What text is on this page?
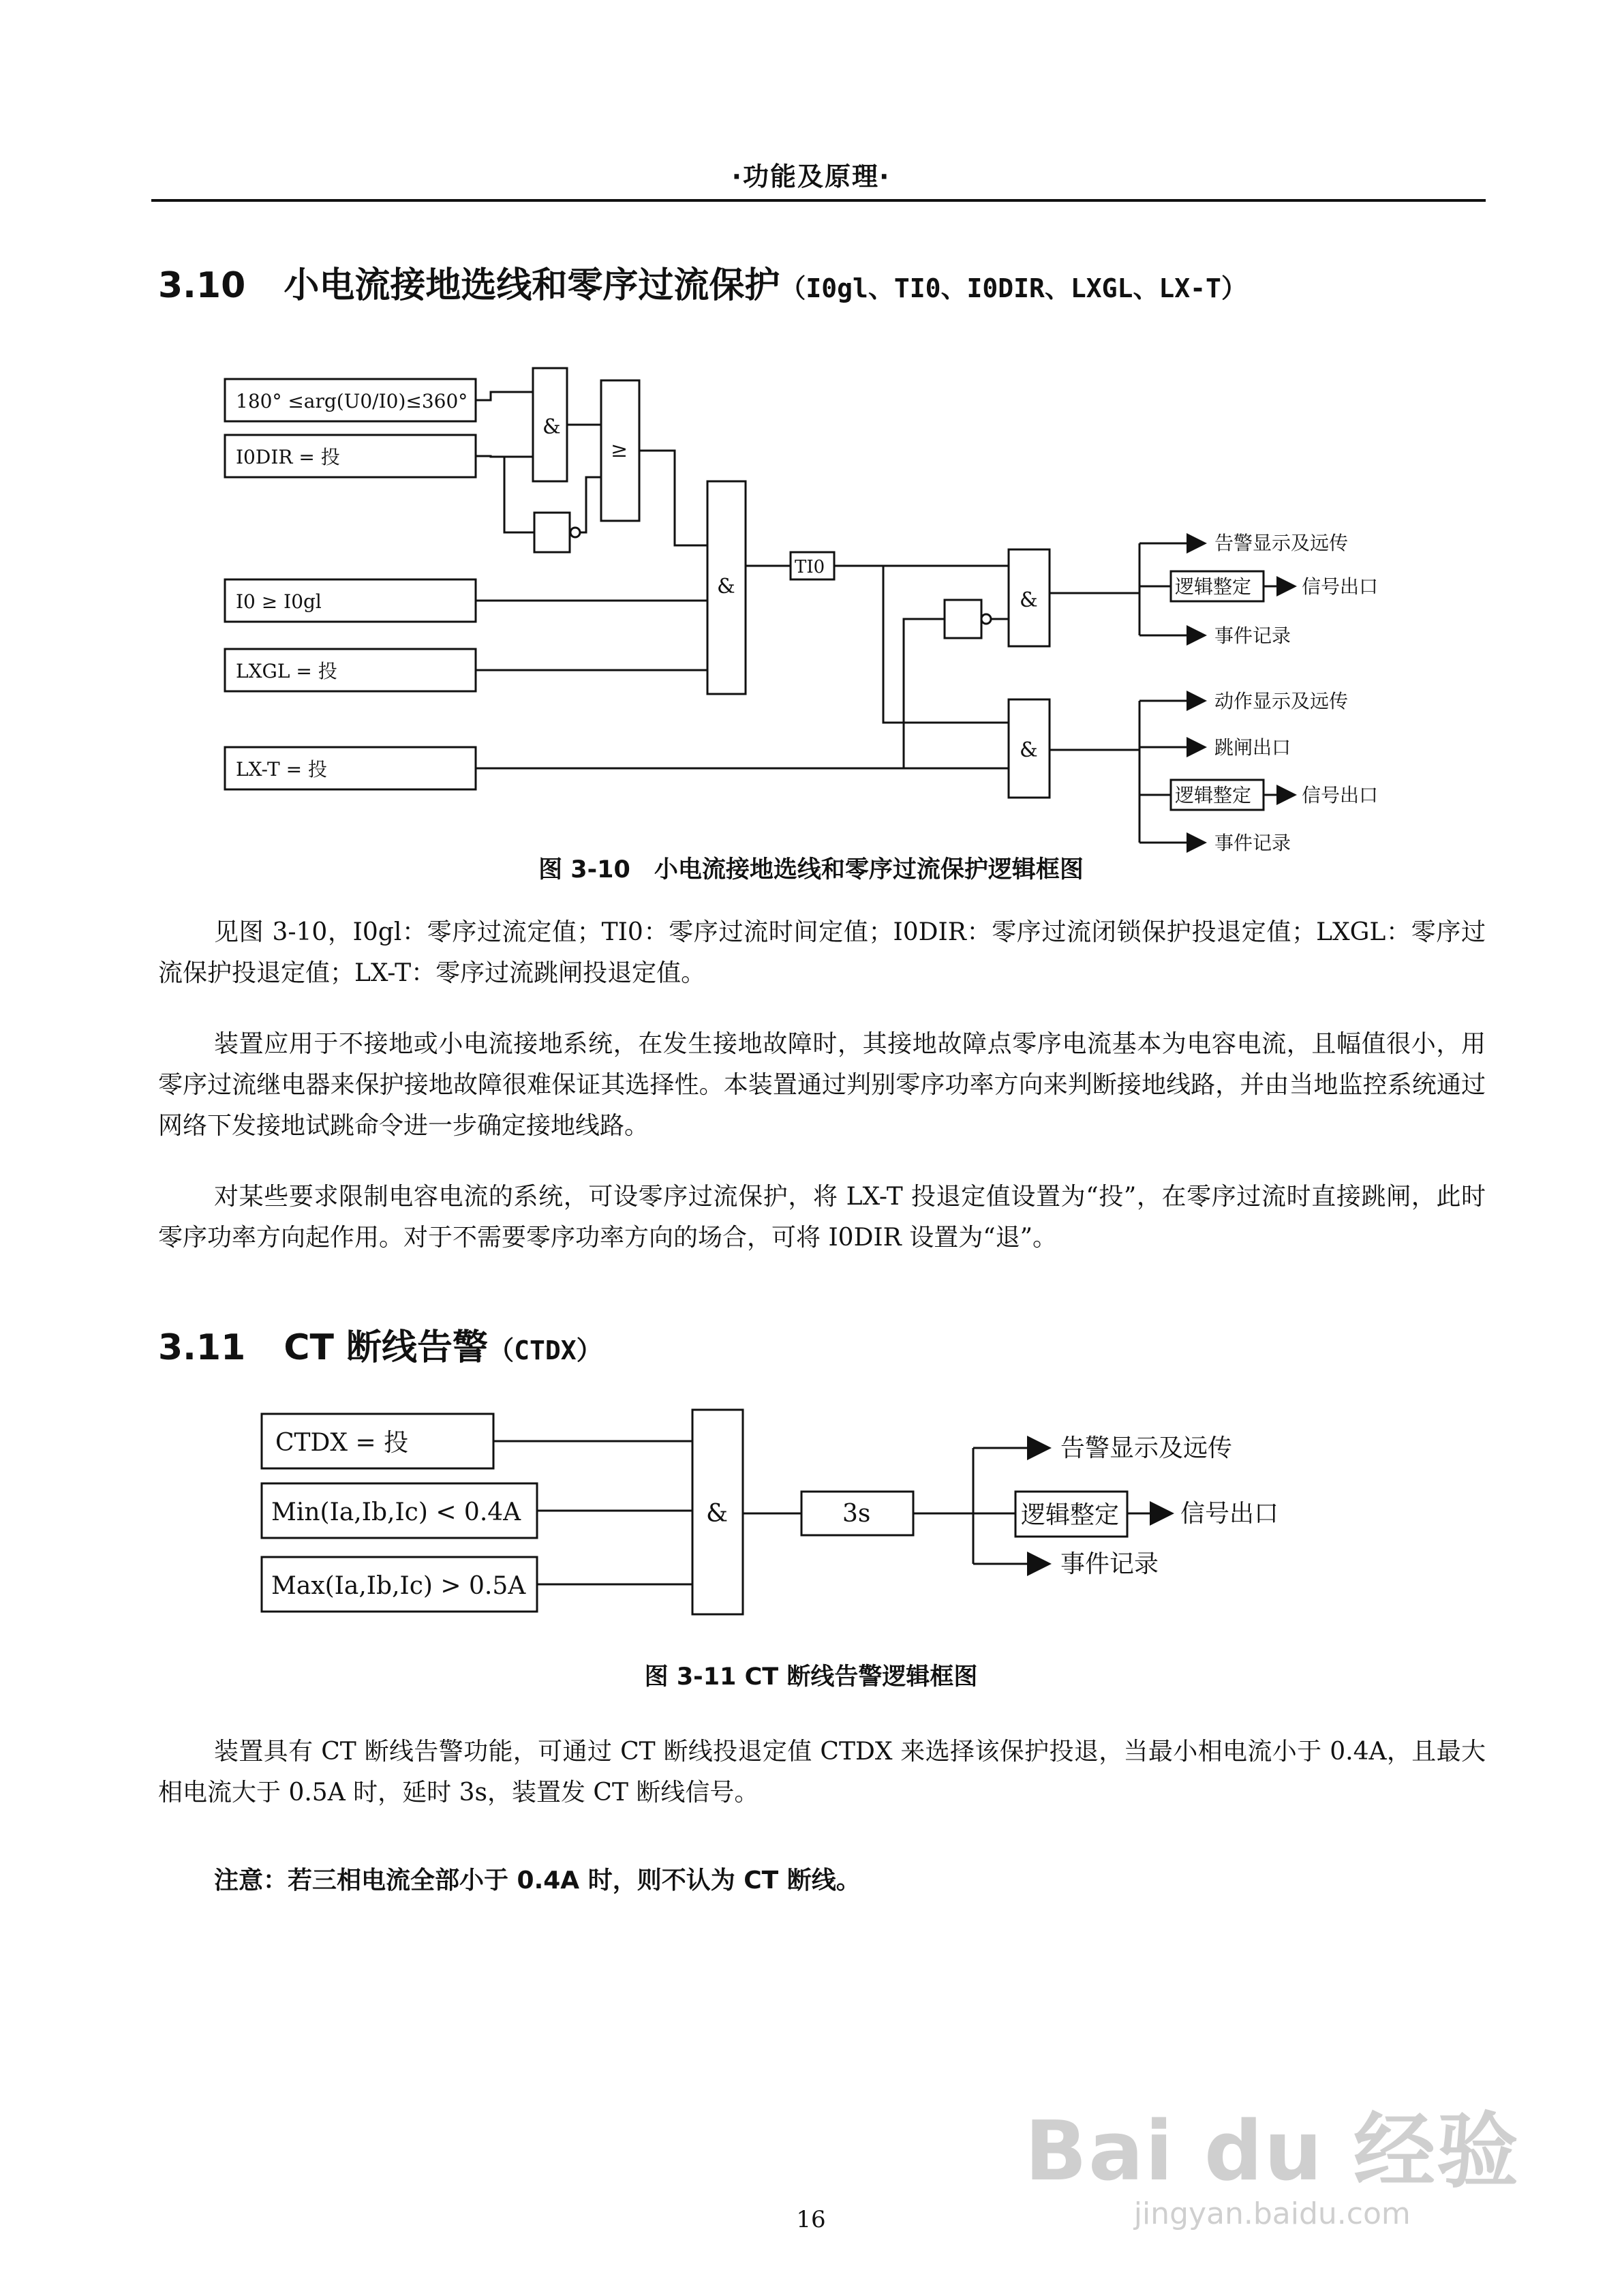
·功能及原理·
3.10 小电流接地选线和零序过流保护（I0gl、TI0、I0DIR、LXGL、LX-T）
180° ≤arg(U0/I0)≤360°
I0DIR = 投
I0 ≥ I0gl
LXGL = 投
LX-T = 投
&
≥
&
TI0
&
&
告警显示及远传
逻辑整定	信号出口
事件记录
动作显示及远传
跳闸出口
逻辑整定	信号出口
事件记录
图 3-10　小电流接地选线和零序过流保护逻辑框图
见图 3-10，I0gl：零序过流定值；TI0：零序过流时间定值；I0DIR：零序过流闭锁保护投退定值；LXGL：零序过流保护投退定值；LX-T：零序过流跳闸投退定值。
装置应用于不接地或小电流接地系统，在发生接地故障时，其接地故障点零序电流基本为电容电流，且幅值很小，用零序过流继电器来保护接地故障很难保证其选择性。本装置通过判别零序功率方向来判断接地线路，并由当地监控系统通过网络下发接地试跳命令进一步确定接地线路。
对某些要求限制电容电流的系统，可设零序过流保护，将 LX-T 投退定值设置为“投”，在零序过流时直接跳闸，此时零序功率方向起作用。对于不需要零序功率方向的场合，可将 I0DIR 设置为“退”。
3.11 CT 断线告警（CTDX）
CTDX = 投
Min(Ia,Ib,Ic) < 0.4A
Max(Ia,Ib,Ic) > 0.5A
&	3s
告警显示及远传
逻辑整定 信号出口
事件记录
图 3-11 CT 断线告警逻辑框图
装置具有 CT 断线告警功能，可通过 CT 断线投退定值 CTDX 来选择该保护投退，当最小相电流小于 0.4A，且最大相电流大于 0.5A 时，延时 3s，装置发 CT 断线信号。
注意：若三相电流全部小于 0.4A 时，则不认为 CT 断线。
Bai du 经验
jingyan.baidu.com
16
